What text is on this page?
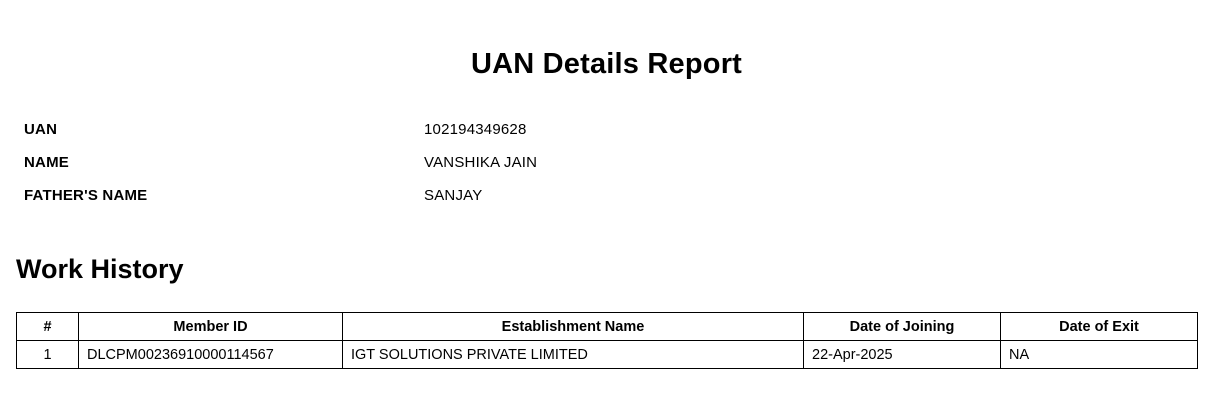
UAN Details Report
UAN	102194349628
NAME	VANSHIKA JAIN
FATHER'S NAME	SANJAY
Work History
#	Member ID	Establishment Name	Date of Joining	Date of Exit
1	DLCPM00236910000114567	IGT SOLUTIONS PRIVATE LIMITED	22-Apr-2025	NA
